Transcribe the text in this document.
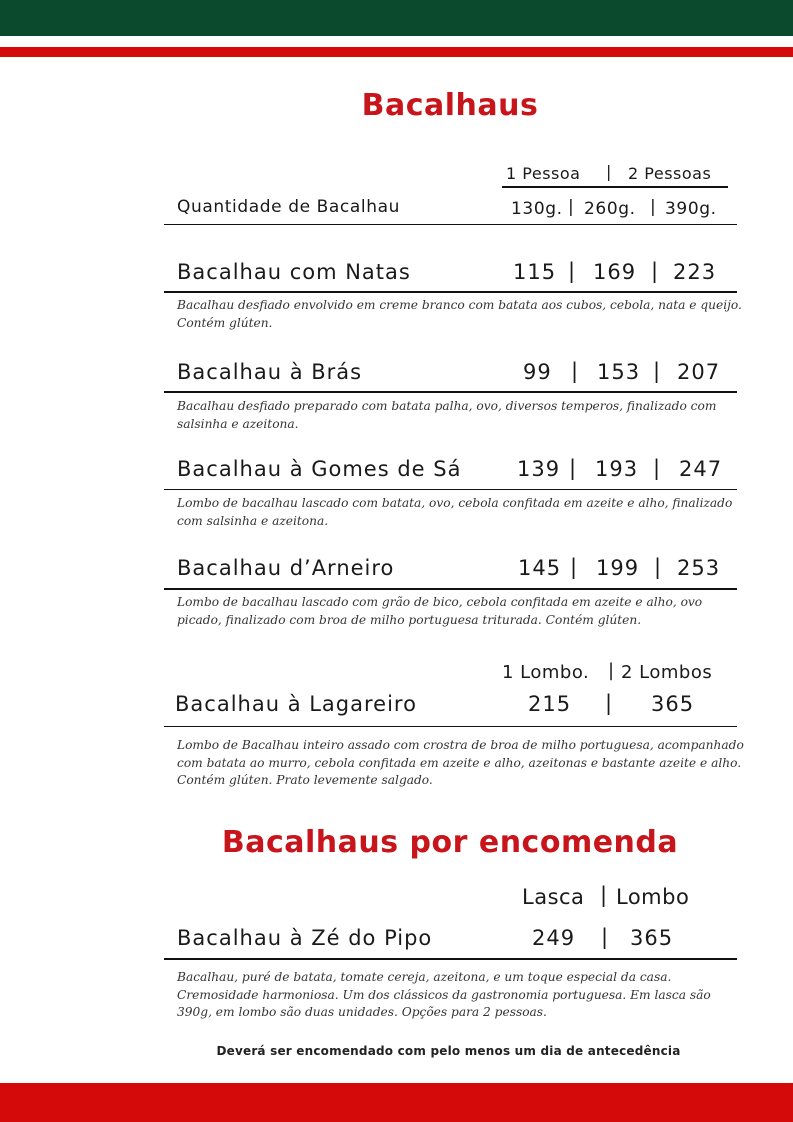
Bacalhaus
1 Pessoa | 2 Pessoas
Quantidade de Bacalhau	130g. | 260g. | 390g.
Bacalhau com Natas	115 | 169 | 223
Bacalhau desfiado envolvido em creme branco com batata aos cubos, cebola, nata e queijo. Contém glúten.
Bacalhau à Brás	99 | 153 | 207
Bacalhau desfiado preparado com batata palha, ovo, diversos temperos, finalizado com salsinha e azeitona.
Bacalhau à Gomes de Sá	139 | 193 | 247
Lombo de bacalhau lascado com batata, ovo, cebola confitada em azeite e alho, finalizado com salsinha e azeitona.
Bacalhau d’Arneiro	145 | 199 | 253
Lombo de bacalhau lascado com grão de bico, cebola confitada em azeite e alho, ovo picado, finalizado com broa de milho portuguesa triturada. Contém glúten.
1 Lombo. | 2 Lombos
Bacalhau à Lagareiro	215 | 365
Lombo de Bacalhau inteiro assado com crostra de broa de milho portuguesa, acompanhado com batata ao murro, cebola confitada em azeite e alho, azeitonas e bastante azeite e alho. Contém glúten. Prato levemente salgado.
Bacalhaus por encomenda
Lasca | Lombo
Bacalhau à Zé do Pipo	249 | 365
Bacalhau, puré de batata, tomate cereja, azeitona, e um toque especial da casa. Cremosidade harmoniosa. Um dos clássicos da gastronomia portuguesa. Em lasca são 390g, em lombo são duas unidades. Opções para 2 pessoas.
Deverá ser encomendado com pelo menos um dia de antecedência
